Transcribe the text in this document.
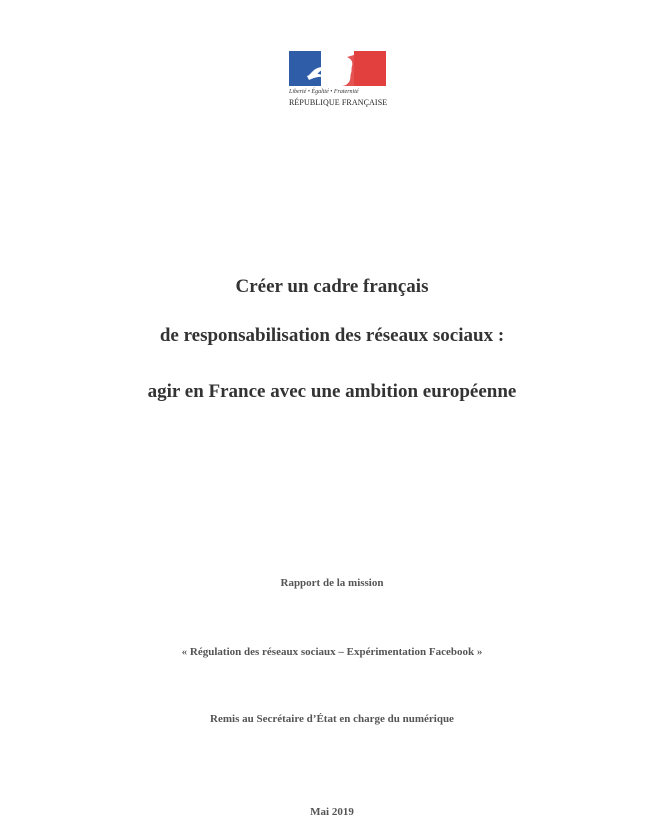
Liberté • Égalité • Fraternité
RÉPUBLIQUE FRANÇAISE
Créer un cadre français
de responsabilisation des réseaux sociaux :
agir en France avec une ambition européenne
Rapport de la mission
« Régulation des réseaux sociaux – Expérimentation Facebook »
Remis au Secrétaire d’État en charge du numérique
Mai 2019
